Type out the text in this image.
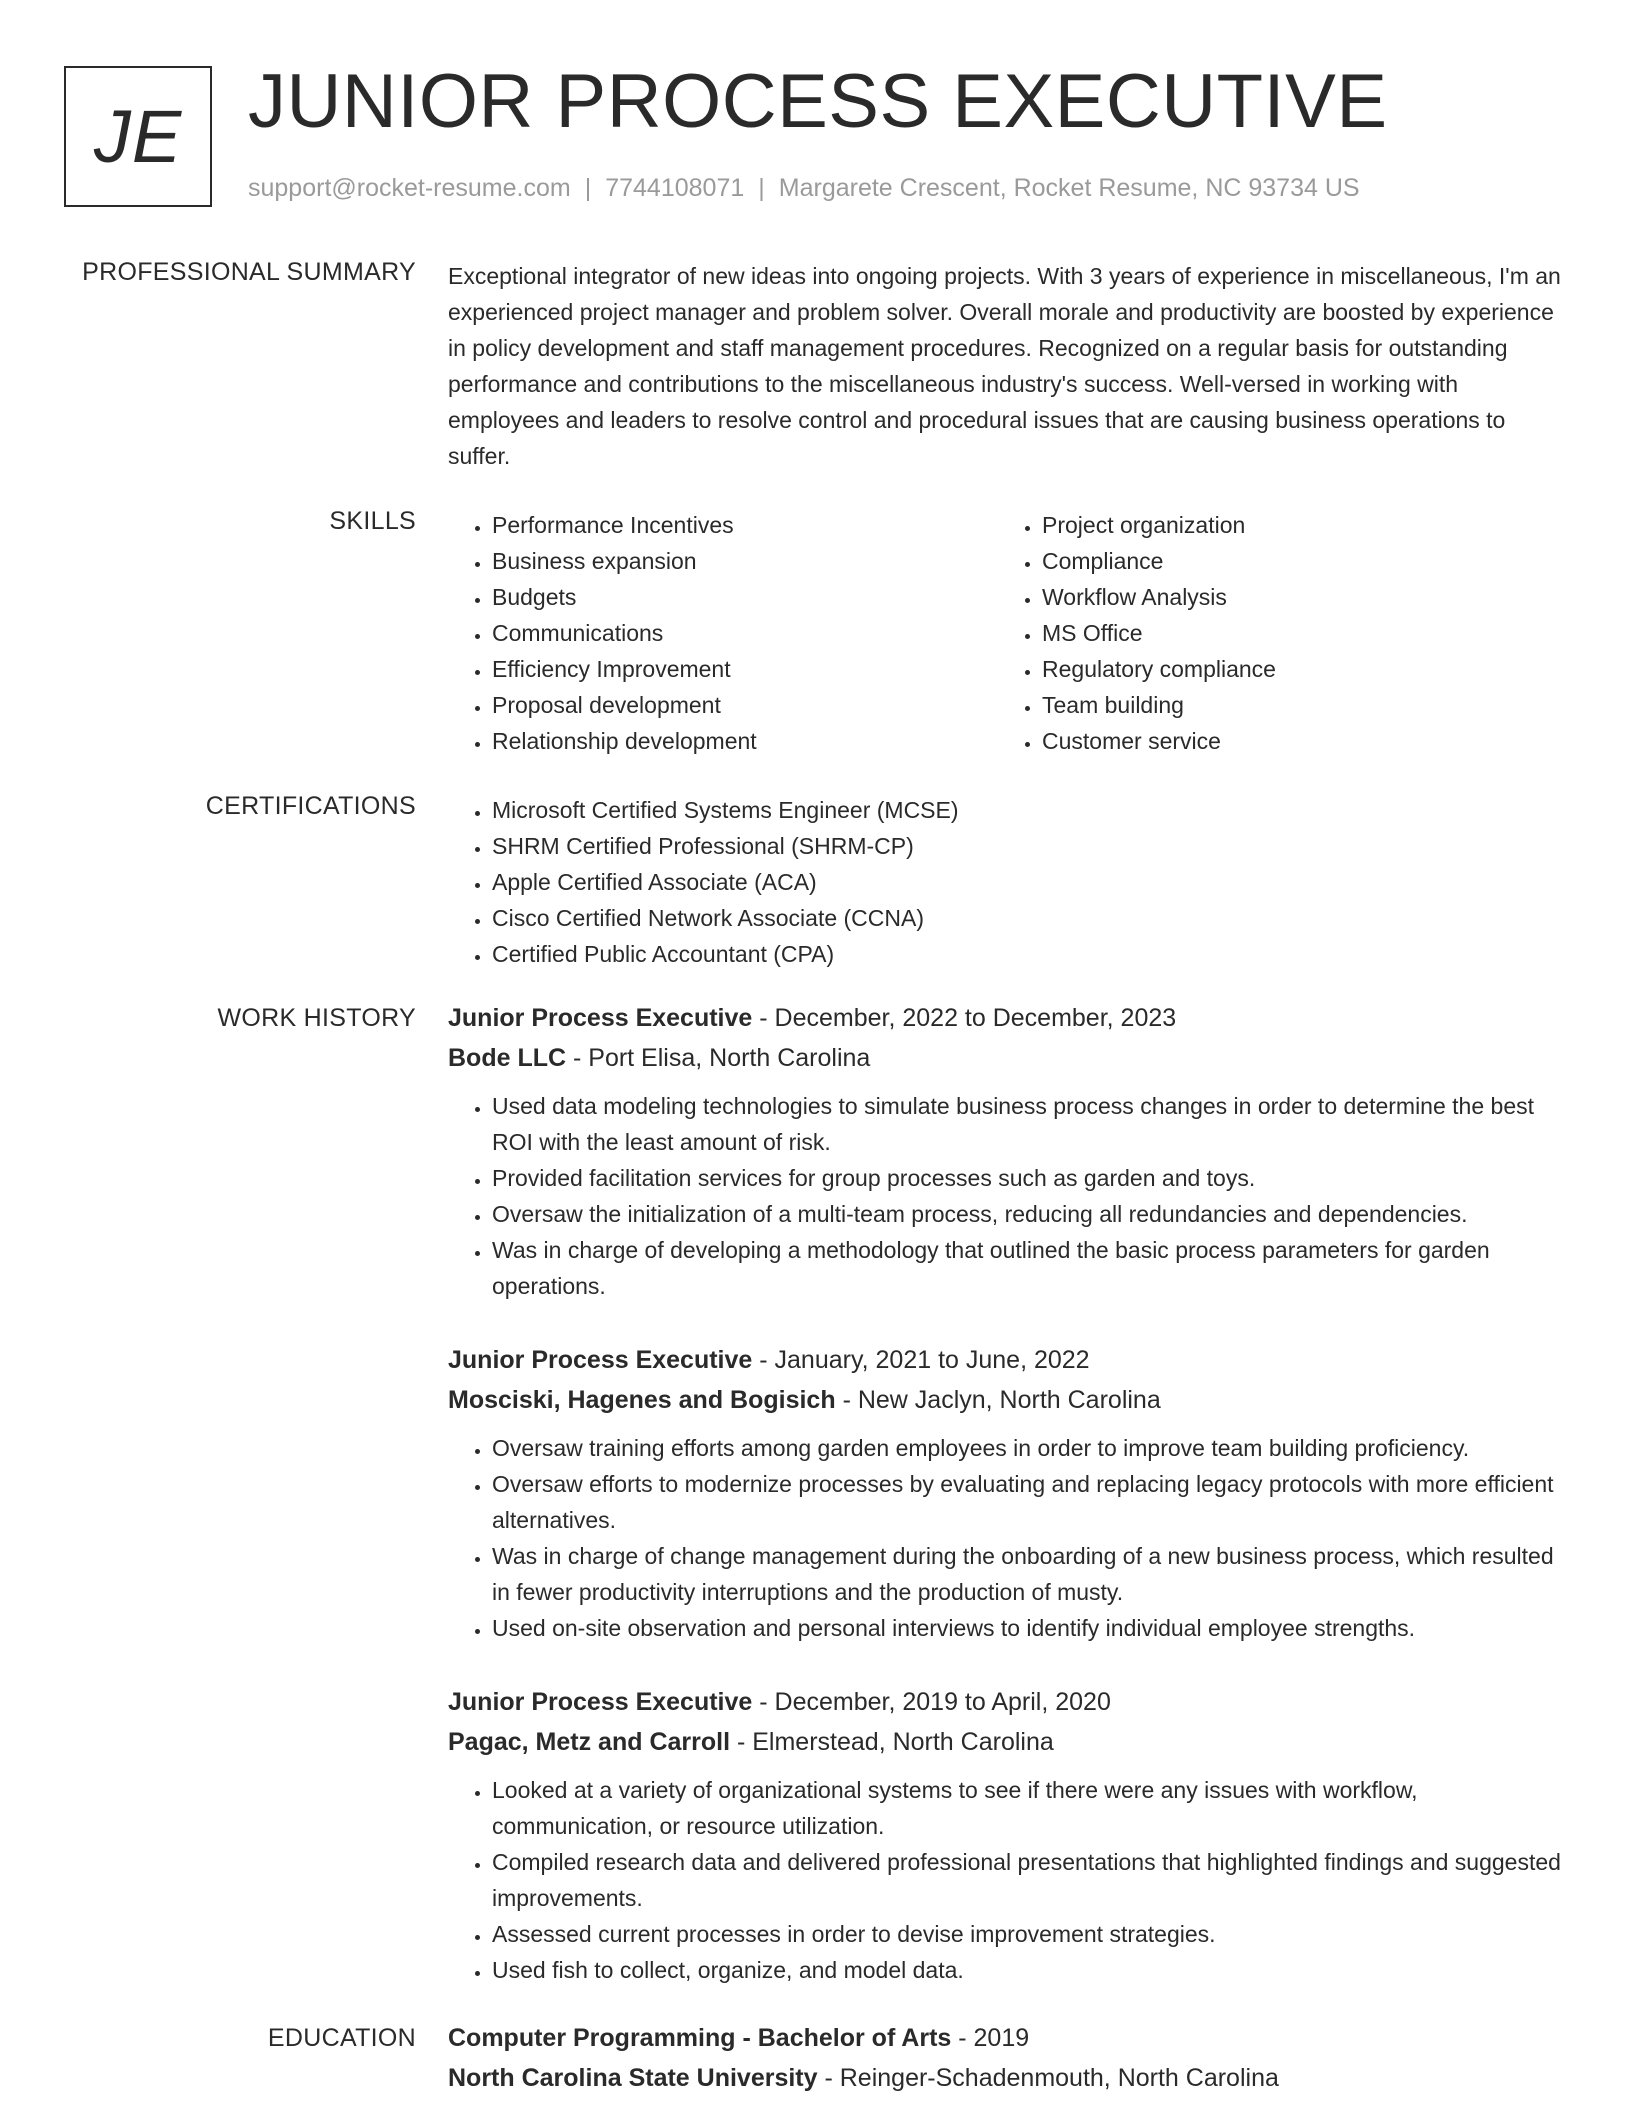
JE JUNIOR PROCESS EXECUTIVE
support@rocket-resume.com | 7744108071 | Margarete Crescent, Rocket Resume, NC 93734 US
PROFESSIONAL SUMMARY Exceptional integrator of new ideas into ongoing projects. With 3 years of experience in miscellaneous, I'm an experienced project manager and problem solver. Overall morale and productivity are boosted by experience in policy development and staff management procedures. Recognized on a regular basis for outstanding performance and contributions to the miscellaneous industry's success. Well-versed in working with employees and leaders to resolve control and procedural issues that are causing business operations to suffer.

SKILLS	• Performance Incentives
• Business expansion
• Budgets
• Communications
• Efficiency Improvement
• Proposal development
• Relationship development
• Project organization
• Compliance
• Workflow Analysis
• MS Office
• Regulatory compliance
• Team building
• Customer service
CERTIFICATIONS	• Microsoft Certified Systems Engineer (MCSE)
• SHRM Certified Professional (SHRM-CP)
• Apple Certified Associate (ACA)
• Cisco Certified Network Associate (CCNA)
• Certified Public Accountant (CPA)
WORK HISTORY Junior Process Executive - December, 2022 to December, 2023
Bode LLC - Port Elisa, North Carolina
• Used data modeling technologies to simulate business process changes in order to determine the best ROI with the least amount of risk.
• Provided facilitation services for group processes such as garden and toys.
• Oversaw the initialization of a multi-team process, reducing all redundancies and dependencies.
• Was in charge of developing a methodology that outlined the basic process parameters for garden operations.
Junior Process Executive - January, 2021 to June, 2022
Mosciski, Hagenes and Bogisich - New Jaclyn, North Carolina
• Oversaw training efforts among garden employees in order to improve team building proficiency.
• Oversaw efforts to modernize processes by evaluating and replacing legacy protocols with more efficient alternatives.
• Was in charge of change management during the onboarding of a new business process, which resulted in fewer productivity interruptions and the production of musty.
• Used on-site observation and personal interviews to identify individual employee strengths.
Junior Process Executive - December, 2019 to April, 2020
Pagac, Metz and Carroll - Elmerstead, North Carolina
• Looked at a variety of organizational systems to see if there were any issues with workflow, communication, or resource utilization.
• Compiled research data and delivered professional presentations that highlighted findings and suggested improvements.
• Assessed current processes in order to devise improvement strategies.
• Used fish to collect, organize, and model data.
EDUCATION Computer Programming - Bachelor of Arts - 2019
North Carolina State University - Reinger-Schadenmouth, North Carolina
